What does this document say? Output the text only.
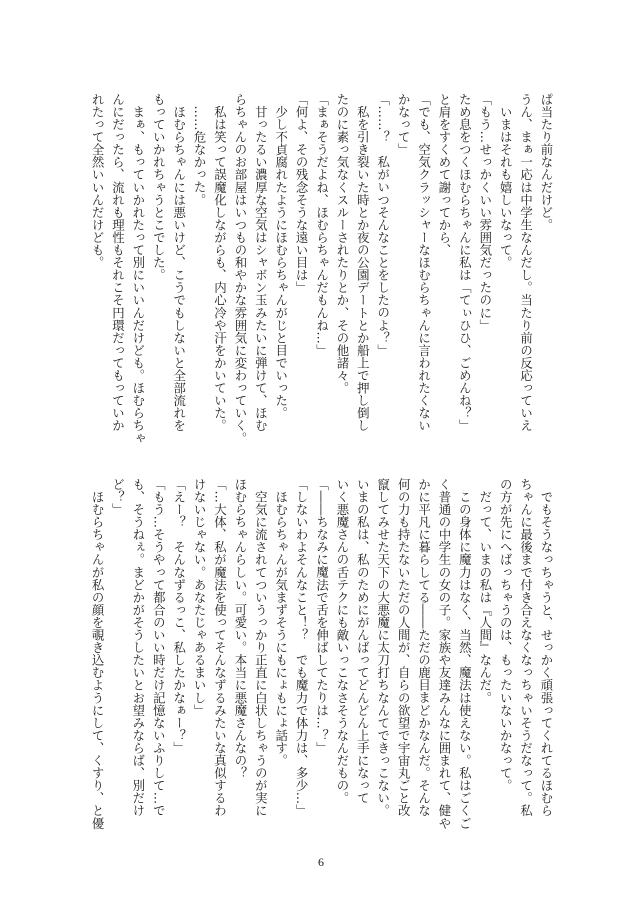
ぱ当たり前なんだけど。

うん、まぁ一応は中学生なんだし。当たり前の反応っていえ

　いまはそれも嬉しいなって。

「もう…せっかくいい雰囲気だったのに」

ため息をつくほむらちゃんに私は「てぃひひ、ごめんね？」

と肩をすくめて謝ってから、

「でも、空気クラッシャーなほむらちゃんに言われたくない

かなって」

「……？　私がいつそんなことをしたのよ？」

　私を引き裂いた時とか夜の公園デートとか船上で押し倒し

たのに素っ気なくスルーされたりとか、その他諸々。

「まぁそうだよね、ほむらちゃんだもんね…」

「何よ、その残念そうな遠い目は」

　少し不貞腐れたようにほむらちゃんがじと目でいった。

　甘ったるい濃厚な空気はシャボン玉みたいに弾けて、ほむ

らちゃんのお部屋はいつもの和やかな雰囲気に変わっていく。

　私は笑って誤魔化しながらも、内心冷や汗をかいていた。

　……危なかった。

　ほむらちゃんには悪いけど、こうでもしないと全部流れを

もっていかれちゃうとこでした。

　まぁ、もっていかれたって別にいいんだけども。ほむらちゃ

んにだったら、流れも理性もそれこそ円環だってもっていか

れたって全然いいんだけども。

　でもそうなっちゃうと、せっかく頑張ってくれてるほむら

ちゃんに最後まで付き合えなくなっちゃいそうだなって。私

の方が先にへばっちゃうのは、もったいないかなって。

　だって、いまの私は『人間』なんだ。

　この身体に魔力はなく、当然、魔法は使えない。私はごくご

く普通の中学生の女の子。家族や友達みんなに囲まれて、健や

かに平凡に暮らしてる――ただの鹿目まどかなんだ。そんな

何の力も持たないただの人間が、自らの欲望で宇宙丸ごと改

竄してみせた天下の大悪魔に太刀打ちなんてできっこない。

いまの私は、私のためにがんばってどんどん上手になって

いく悪魔さんの舌テクにも敵いっこなさそうなんだもの。

「――ちなみに魔法で舌を伸ばしてたりは…？」

「しないわよそんなこと！？　でも魔力で体力は、多少…」

　ほむらちゃんが気まずそうにもにょもにょ話す。

　空気に流されてついうっかり正直に白状しちゃうのが実に

ほむらちゃんらしい。可愛い。本当に悪魔さんなの？

「…大体、私が魔法を使ってそんなずるみたいな真似するわ

けないじゃない。あなたじゃあるまいし」

「えー？　そんなずるっこ、私したかなぁー？」

「もう…そうやって都合のいい時だけ記憶ないふりして…で

も、そうねぇ。まどかがそうしたいとお望みならば、別だけ

ど？」

　ほむらちゃんが私の顔を覗き込むようにして、くすり、と優

6
